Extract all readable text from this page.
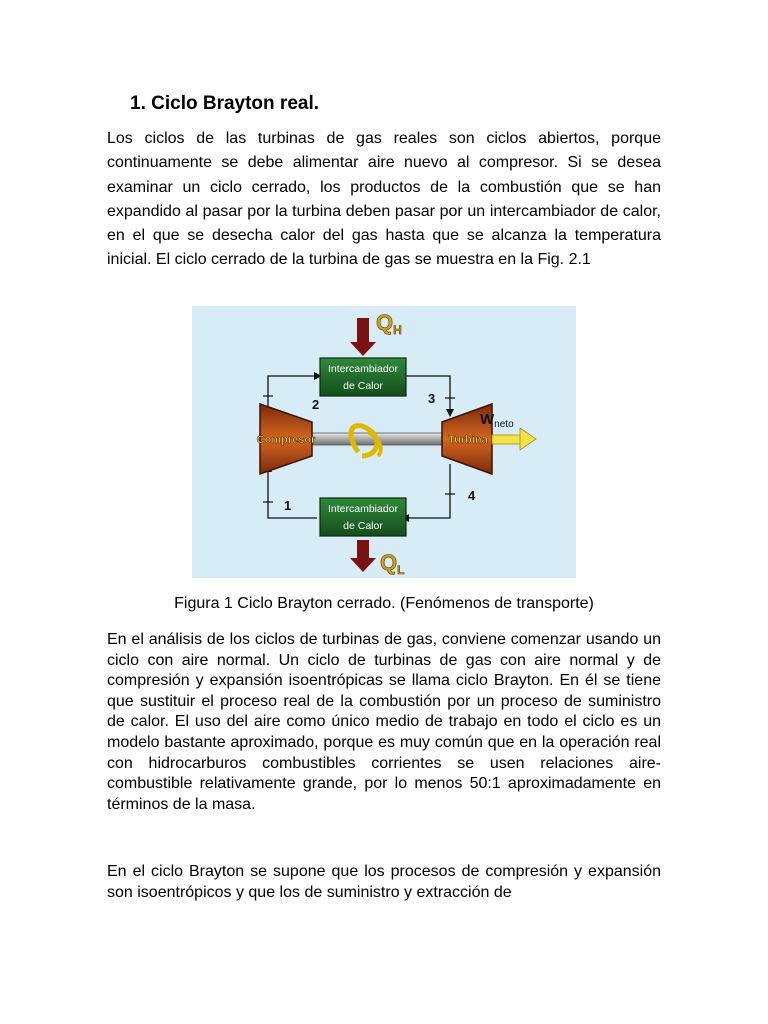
1. Ciclo Brayton real.

Los ciclos de las turbinas de gas reales son ciclos abiertos, porque continuamente se debe alimentar aire nuevo al compresor. Si se desea examinar un ciclo cerrado, los productos de la combustión que se han expandido al pasar por la turbina deben pasar por un intercambiador de calor, en el que se desecha calor del gas hasta que se alcanza la temperatura inicial. El ciclo cerrado de la turbina de gas se muestra en la Fig. 2.1

2	3
4
1
QH
Intercambiador
de Calor
Compresor	Turbina
$W_{neto}$
Intercambiador
de Calor
QL

Figura 1 Ciclo Brayton cerrado. (Fenómenos de transporte)

En el análisis de los ciclos de turbinas de gas, conviene comenzar usando un ciclo con aire normal. Un ciclo de turbinas de gas con aire normal y de compresión y expansión isoentrópicas se llama ciclo Brayton. En él se tiene que sustituir el proceso real de la combustión por un proceso de suministro de calor. El uso del aire como único medio de trabajo en todo el ciclo es un modelo bastante aproximado, porque es muy común que en la operación real con hidrocarburos combustibles corrientes se usen relaciones aire-combustible relativamente grande, por lo menos 50:1 aproximadamente en términos de la masa.

En el ciclo Brayton se supone que los procesos de compresión y expansión son isoentrópicos y que los de suministro y extracción de
